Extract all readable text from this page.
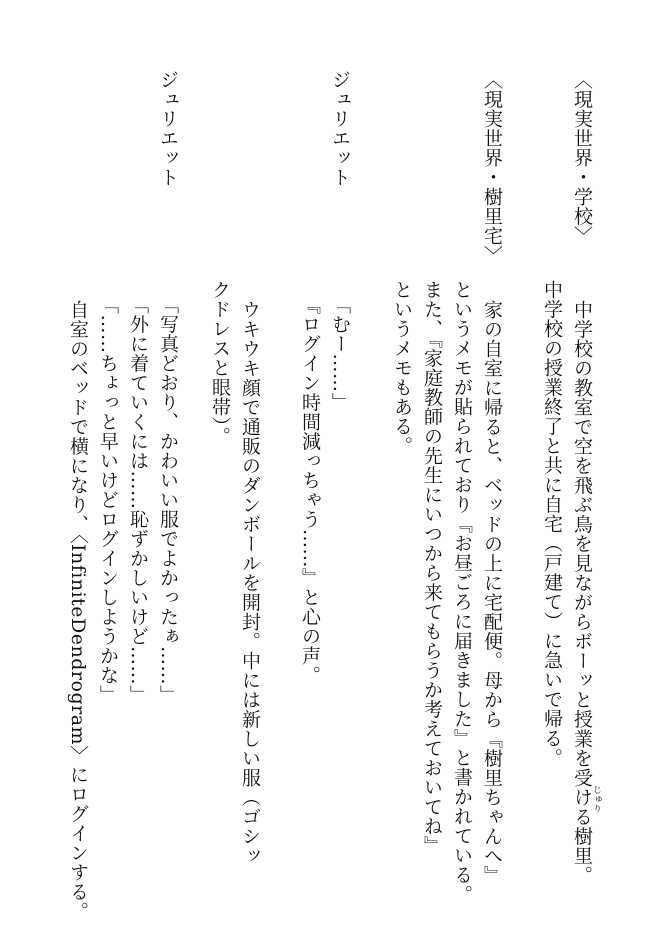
〈現実世界・学校〉
中学校の教室で空を飛ぶ鳥を見ながらボーッと授業を受ける樹里。
じゅり
中学校の授業終了と共に自宅（戸建て）に急いで帰る。
家の自室に帰ると、ベッドの上に宅配便。母から『樹里ちゃんへ』
というメモが貼られており『お昼ごろに届きました』と書かれている。
また、『家庭教師の先生にいつから来てもらうか考えておいてね』
というメモもある。
〈現実世界・樹里宅〉
ジュリエット
「むー……」
『ログイン時間減っちゃう……』と心の声。
ウキウキ顔で通販のダンボールを開封。中には新しい服（ゴシッ
クドレスと眼帯）。
ジュリエット
「写真どおり、かわいい服でよかったぁ……」
「外に着ていくには……恥ずかしいけど……」
「……ちょっと早いけどログインしようかな」
自室のベッドで横になり、〈InfiniteDendrogram〉にログインする。
